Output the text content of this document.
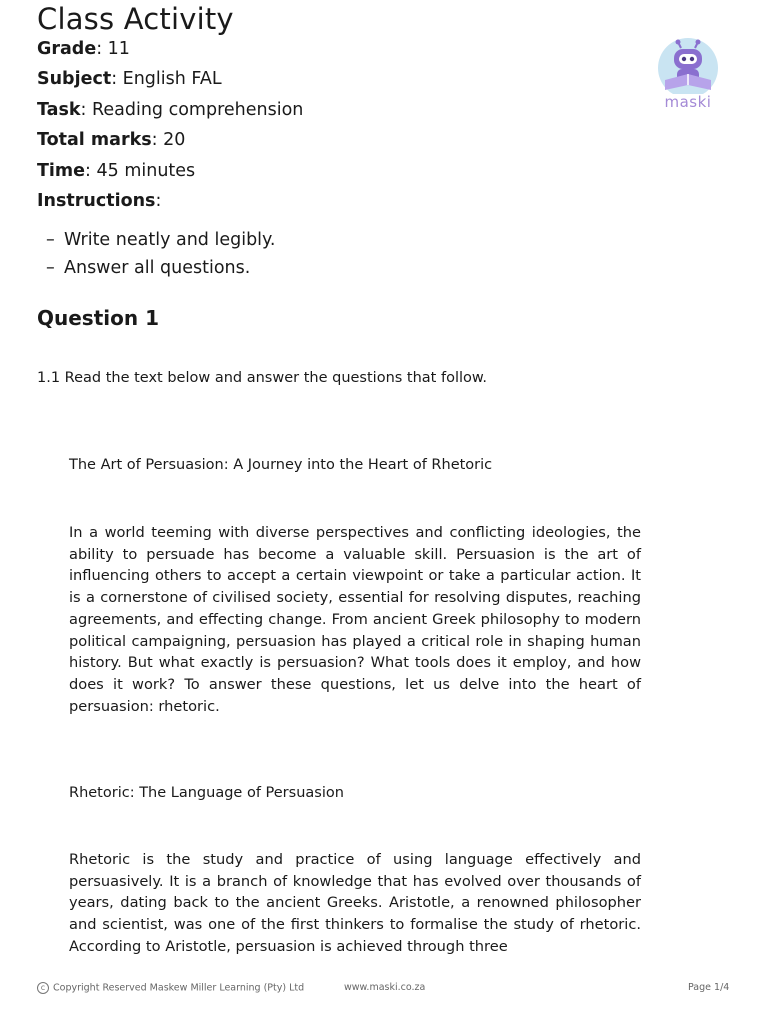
Class Activity
maski
Grade: 11
Subject: English FAL
Task: Reading comprehension
Total marks: 20
Time: 45 minutes
Instructions:
– Write neatly and legibly.
– Answer all questions.
Question 1
1.1 Read the text below and answer the questions that follow.
The Art of Persuasion: A Journey into the Heart of Rhetoric

In a world teeming with diverse perspectives and conflicting ideologies, the ability to persuade has become a valuable skill. Persuasion is the art of influencing others to accept a certain viewpoint or take a particular action. It is a cornerstone of civilised society, essential for resolving disputes, reaching agreements, and effecting change. From ancient Greek philosophy to modern political campaigning, persuasion has played a critical role in shaping human history. But what exactly is persuasion? What tools does it employ, and how does it work? To answer these questions, let us delve into the heart of persuasion: rhetoric.

Rhetoric: The Language of Persuasion

Rhetoric is the study and practice of using language effectively and persuasively. It is a branch of knowledge that has evolved over thousands of years, dating back to the ancient Greeks. Aristotle, a renowned philosopher and scientist, was one of the first thinkers to formalise the study of rhetoric. According to Aristotle, persuasion is achieved through three

c Copyright Reserved Maskew Miller Learning (Pty) Ltd	www.maski.co.za	Page 1/4
